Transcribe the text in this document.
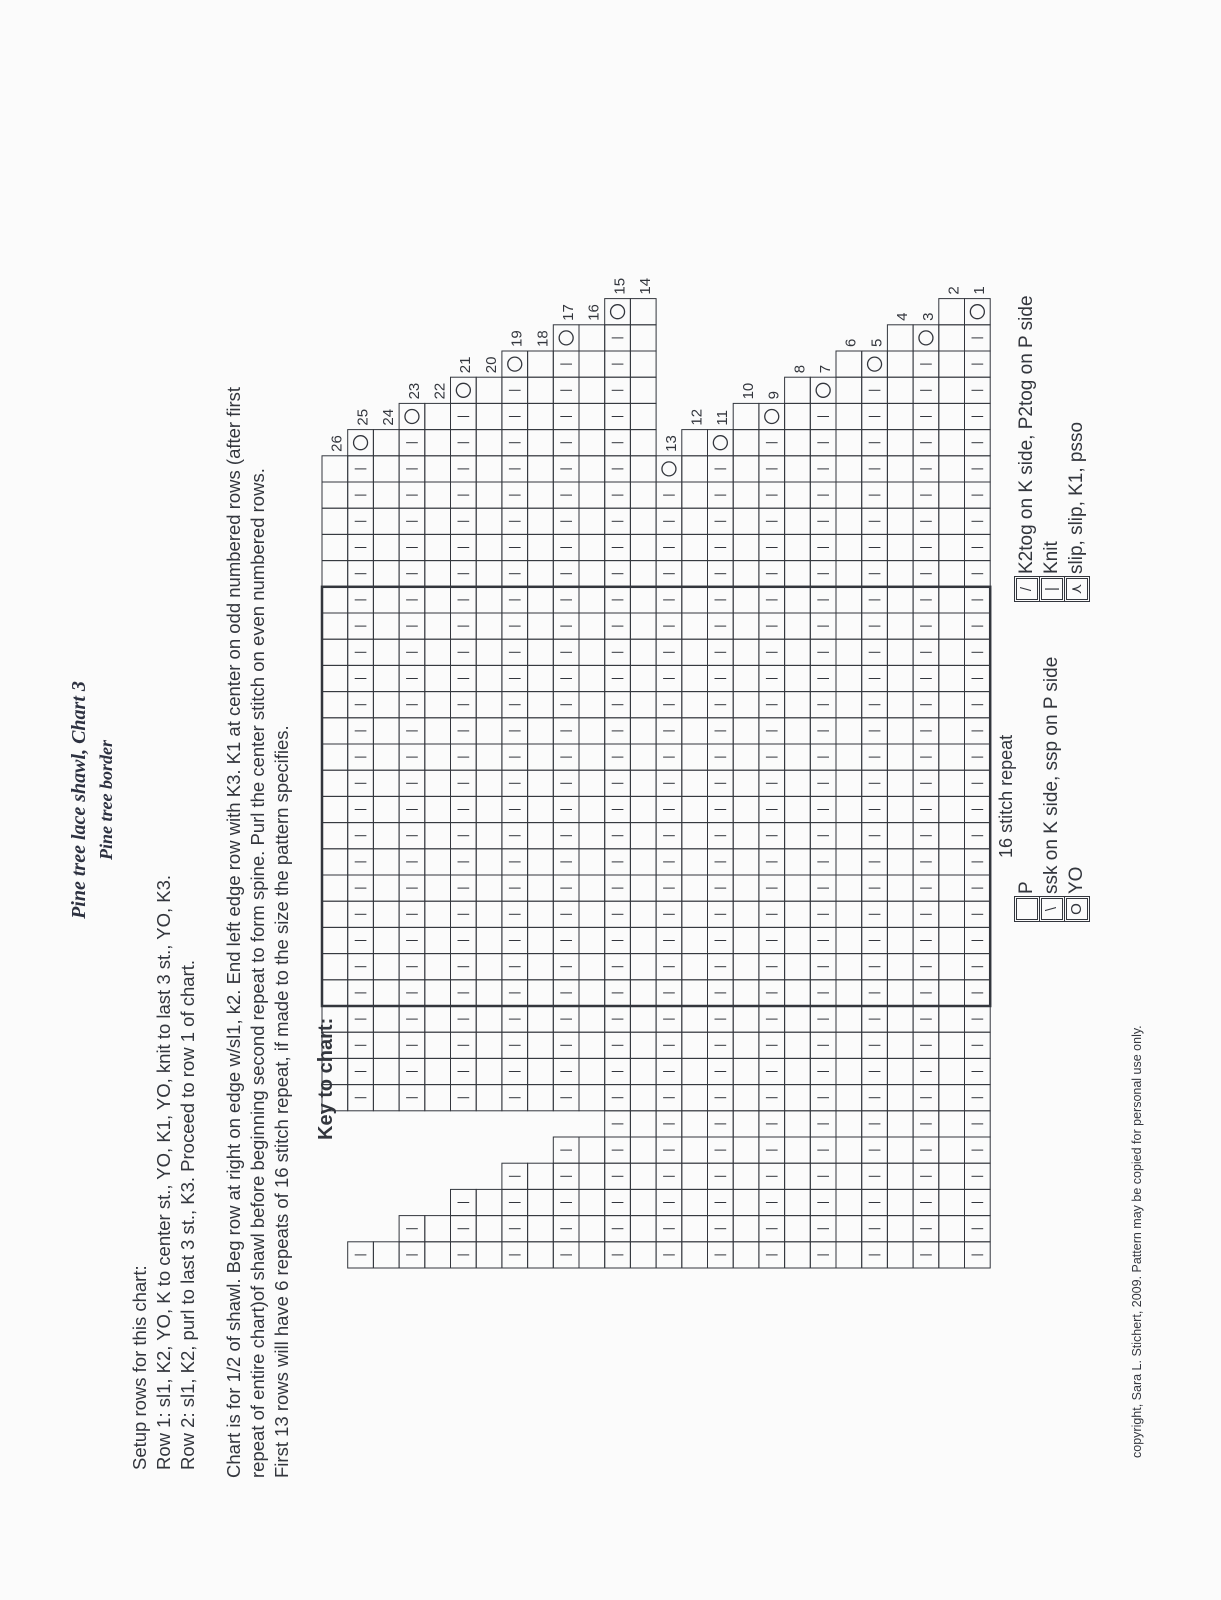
Pine tree lace shawl, Chart 3 Pine tree border
Setup rows for this chart: Row 1: sl1, K2, YO, K to center st., YO, K1, YO, knit to last 3 st., YO, K3. Row 2: sl1, K2, purl to last 3 st., K3. Proceed to row 1 of chart. Chart is for 1/2 of shawl. Beg row at right on edge w/sl1, k2. End left edge row with K3. K1 at center on odd numbered rows (after first repeat of entire chart)of shawl before beginning second repeat to form spine. Purl the center stitch on even numbered rows. First 13 rows will have 6 repeats of 16 stitch repeat, if made to the size the pattern specifies.
1
2
3
4
5
6
7
8
9
10
11
12
13
14
15
16
17
18
19
20
21
22
23
24
25
26
16 stitch repeat
Key to chart:
P
\ssk on K side, ssp on P side
OYO
/K2tog on K side, P2tog on P side
|Knit
⋏slip, slip, K1, psso
copyright, Sara L. Stichert, 2009. Pattern may be copied for personal use only.
